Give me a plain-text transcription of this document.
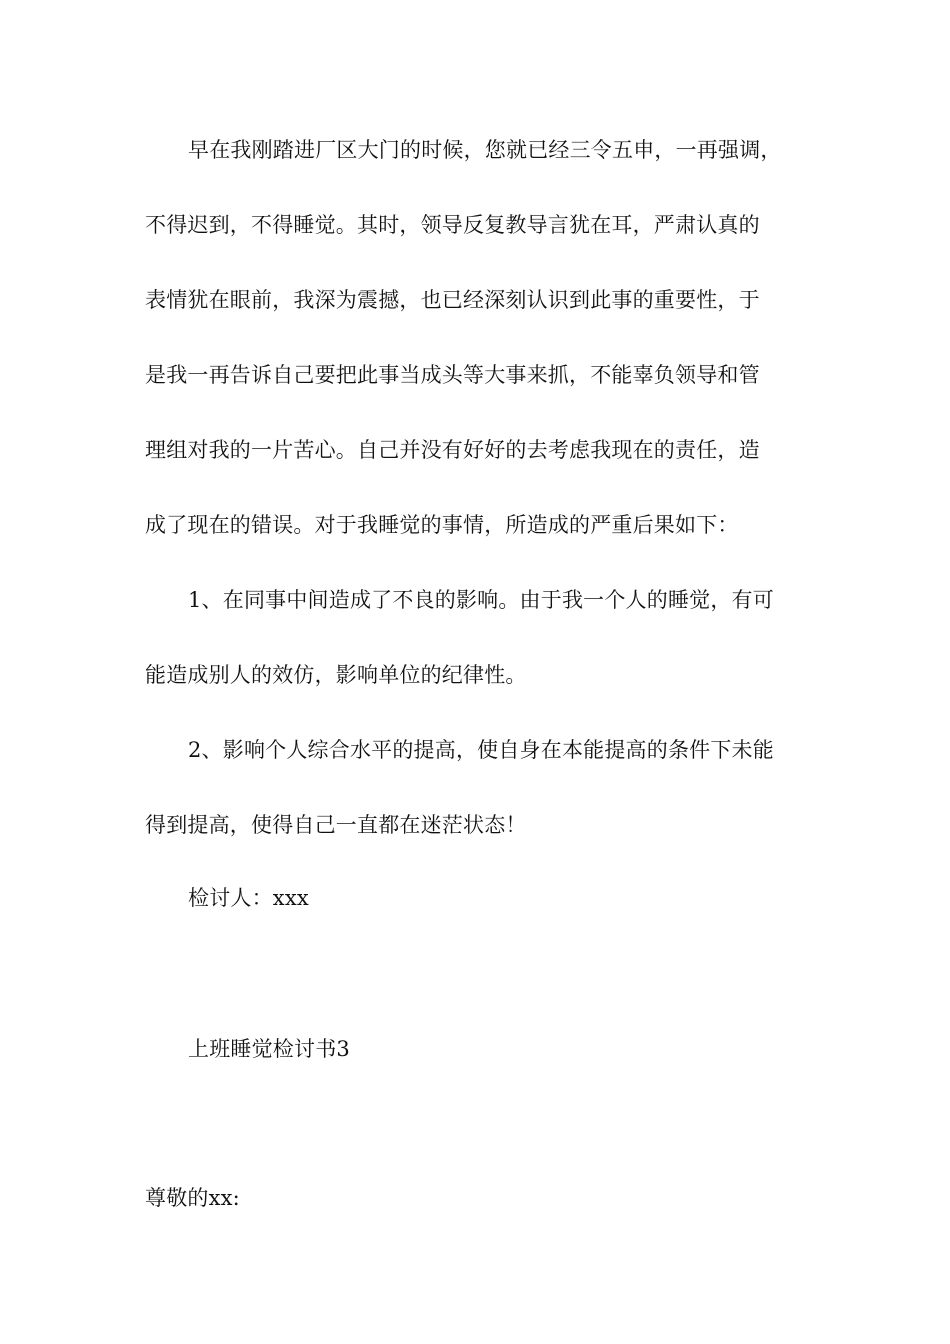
早在我刚踏进厂区大门的时候，您就已经三令五申，一再强调，
不得迟到，不得睡觉。其时，领导反复教导言犹在耳，严肃认真的
表情犹在眼前，我深为震撼，也已经深刻认识到此事的重要性，于
是我一再告诉自己要把此事当成头等大事来抓，不能辜负领导和管
理组对我的一片苦心。自己并没有好好的去考虑我现在的责任，造
成了现在的错误。对于我睡觉的事情，所造成的严重后果如下：
1、在同事中间造成了不良的影响。由于我一个人的睡觉，有可
能造成别人的效仿，影响单位的纪律性。
2、影响个人综合水平的提高，使自身在本能提高的条件下未能
得到提高，使得自己一直都在迷茫状态！
检讨人：xxx
上班睡觉检讨书3
尊敬的xx:
